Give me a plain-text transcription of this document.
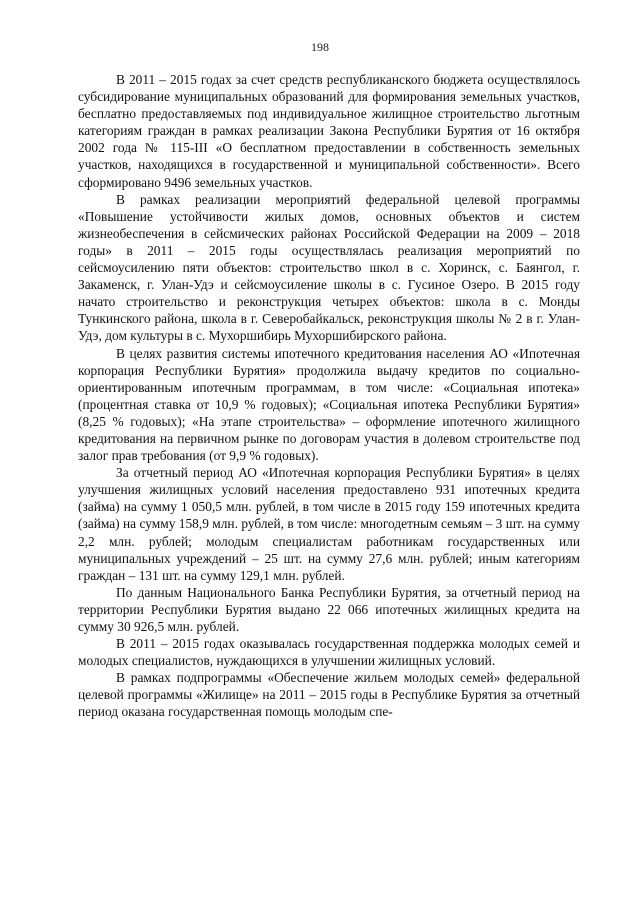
198

В 2011 – 2015 годах за счет средств республиканского бюджета осуществлялось субсидирование муниципальных образований для формирования земельных участков, бесплатно предоставляемых под индивидуальное жилищное строительство льготным категориям граждан в рамках реализации Закона Республики Бурятия от 16 октября 2002 года № 115-III «О бесплатном предоставлении в собственность земельных участков, находящихся в государственной и муниципальной собственности». Всего сформировано 9496 земельных участков.

В рамках реализации мероприятий федеральной целевой программы «Повышение устойчивости жилых домов, основных объектов и систем жизнеобеспечения в сейсмических районах Российской Федерации на 2009 – 2018 годы» в 2011 – 2015 годы осуществлялась реализация мероприятий по сейсмоусилению пяти объектов: строительство школ в с. Хоринск, с. Баянгол, г. Закаменск, г. Улан-Удэ и сейсмоусиление школы в с. Гусиное Озеро. В 2015 году начато строительство и реконструкция четырех объектов: школа в с. Монды Тункинского района, школа в г. Северобайкальск, реконструкция школы № 2 в г. Улан-Удэ, дом культуры в с. Мухоршибирь Мухоршибирского района.

В целях развития системы ипотечного кредитования населения АО «Ипотечная корпорация Республики Бурятия» продолжила выдачу кредитов по социально-ориентированным ипотечным программам, в том числе: «Социальная ипотека» (процентная ставка от 10,9 % годовых); «Социальная ипотека Республики Бурятия» (8,25 % годовых); «На этапе строительства» – оформление ипотечного жилищного кредитования на первичном рынке по договорам участия в долевом строительстве под залог прав требования (от 9,9 % годовых).

За отчетный период АО «Ипотечная корпорация Республики Бурятия» в целях улучшения жилищных условий населения предоставлено 931 ипотечных кредита (займа) на сумму 1 050,5 млн. рублей, в том числе в 2015 году 159 ипотечных кредита (займа) на сумму 158,9 млн. рублей, в том числе: многодетным семьям – 3 шт. на сумму 2,2 млн. рублей; молодым специалистам работникам государственных или муниципальных учреждений – 25 шт. на сумму 27,6 млн. рублей; иным категориям граждан – 131 шт. на сумму 129,1 млн. рублей.

По данным Национального Банка Республики Бурятия, за отчетный период на территории Республики Бурятия выдано 22 066 ипотечных жилищных кредита на сумму 30 926,5 млн. рублей.

В 2011 – 2015 годах оказывалась государственная поддержка молодых семей и молодых специалистов, нуждающихся в улучшении жилищных условий.

В рамках подпрограммы «Обеспечение жильем молодых семей» федеральной целевой программы «Жилище» на 2011 – 2015 годы в Республике Бурятия за отчетный период оказана государственная помощь молодым спе-
